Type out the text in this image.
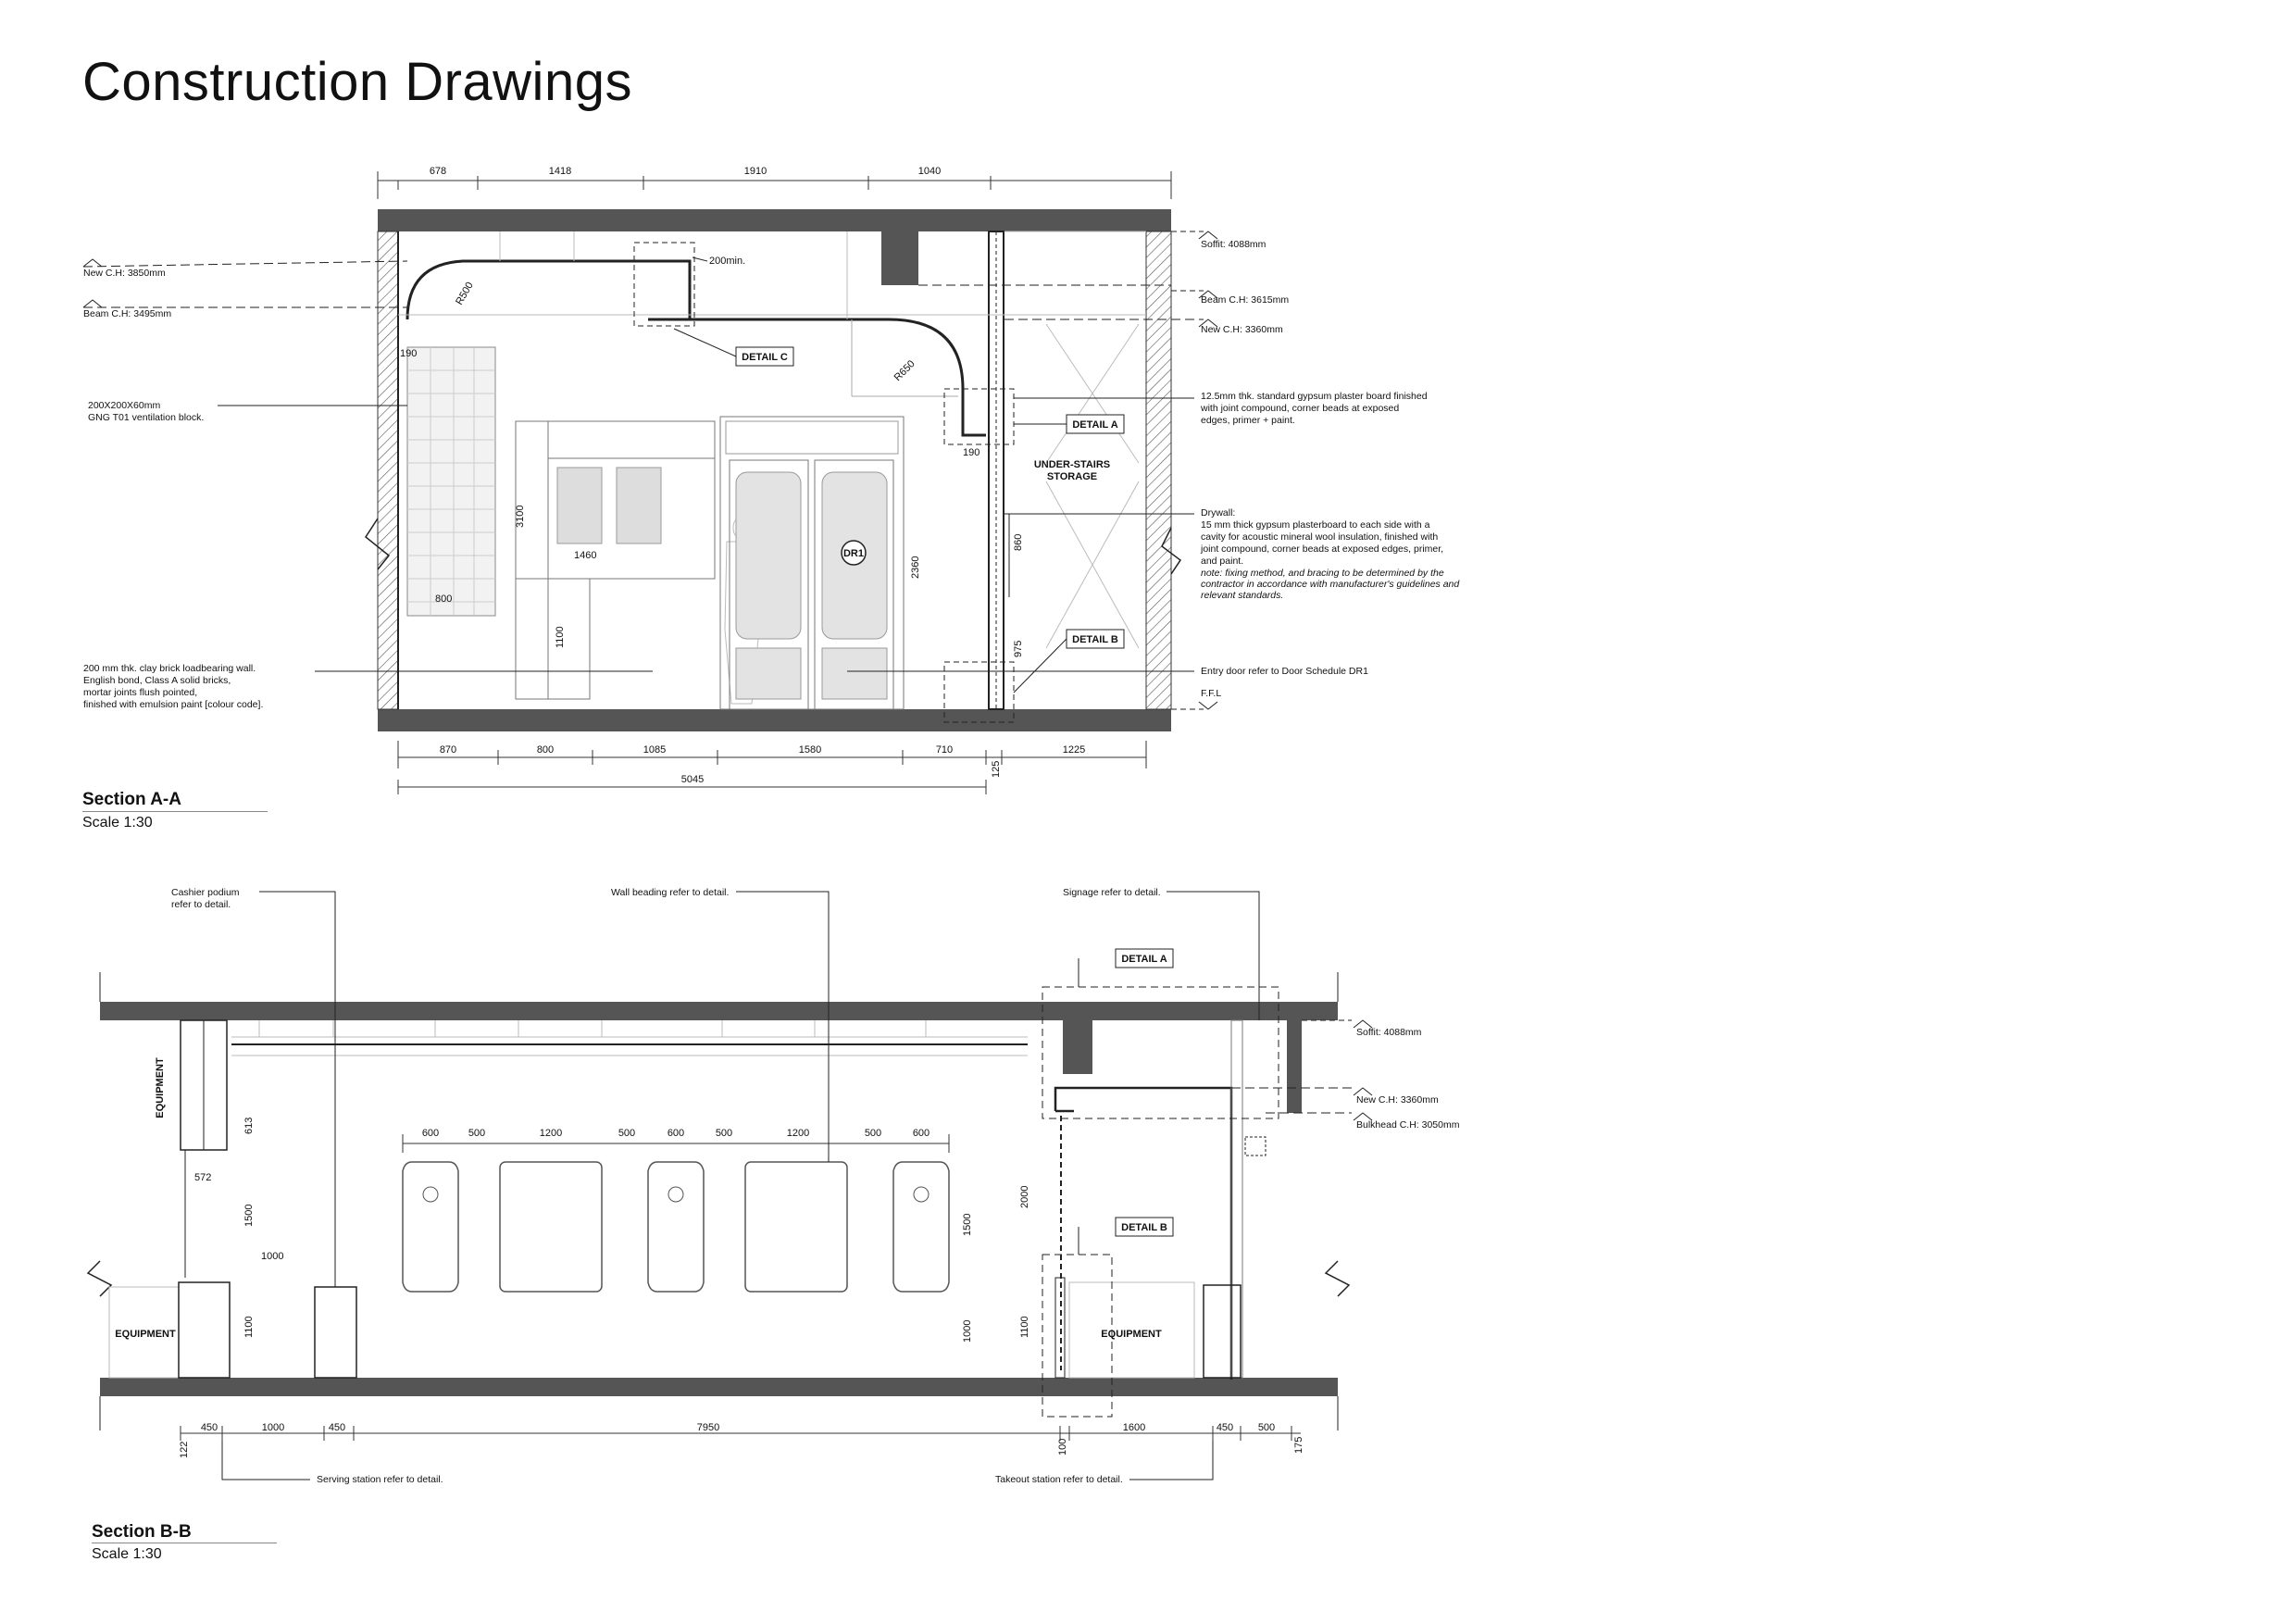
Construction Drawings
Section A-A
Scale 1:30
Section B-B
Scale 1:30
678	1418	1910	1040
DR1
DETAIL C
DETAIL A
DETAIL B
UNDER-STAIRS
STORAGE
R500
R650
190
190
200min.
3100
1460
800
1100
2360
860
975
New C.H: 3850mm
Beam C.H: 3495mm
200X200X60mm
GNG T01 ventilation block.
200 mm thk. clay brick loadbearing wall.
English bond, Class A solid bricks,
mortar joints flush pointed,
finished with emulsion paint [colour code].
Soffit: 4088mm
Beam C.H: 3615mm
New C.H: 3360mm
F.F.L
12.5mm thk. standard gypsum plaster board finished
with joint compound, corner beads at exposed
edges, primer + paint.
Drywall:
15 mm thick gypsum plasterboard to each side with a
cavity for acoustic mineral wool insulation, finished with
joint compound, corner beads at exposed edges, primer,
and paint.
note: fixing method, and bracing to be determined by the
contractor in accordance with manufacturer's guidelines and
relevant standards.
Entry door refer to Door Schedule DR1
870	800	1085	1580	710
125
1225
5045
EQUIPMENT
EQUIPMENT
600	500	1200	500	600	500	1200	500	600
613
572
1500
1000
1100
1500
1000
2000
1100	EQUIPMENT
DETAIL A
DETAIL B
Soffit: 4088mm
New C.H: 3360mm
Bulkhead C.H: 3050mm
Cashier podium
refer to detail.
Wall beading refer to detail.	Signage refer to detail.
Serving station refer to detail.	Takeout station refer to detail.
122
450	1000	450	7950
100
1600	450 500
175
